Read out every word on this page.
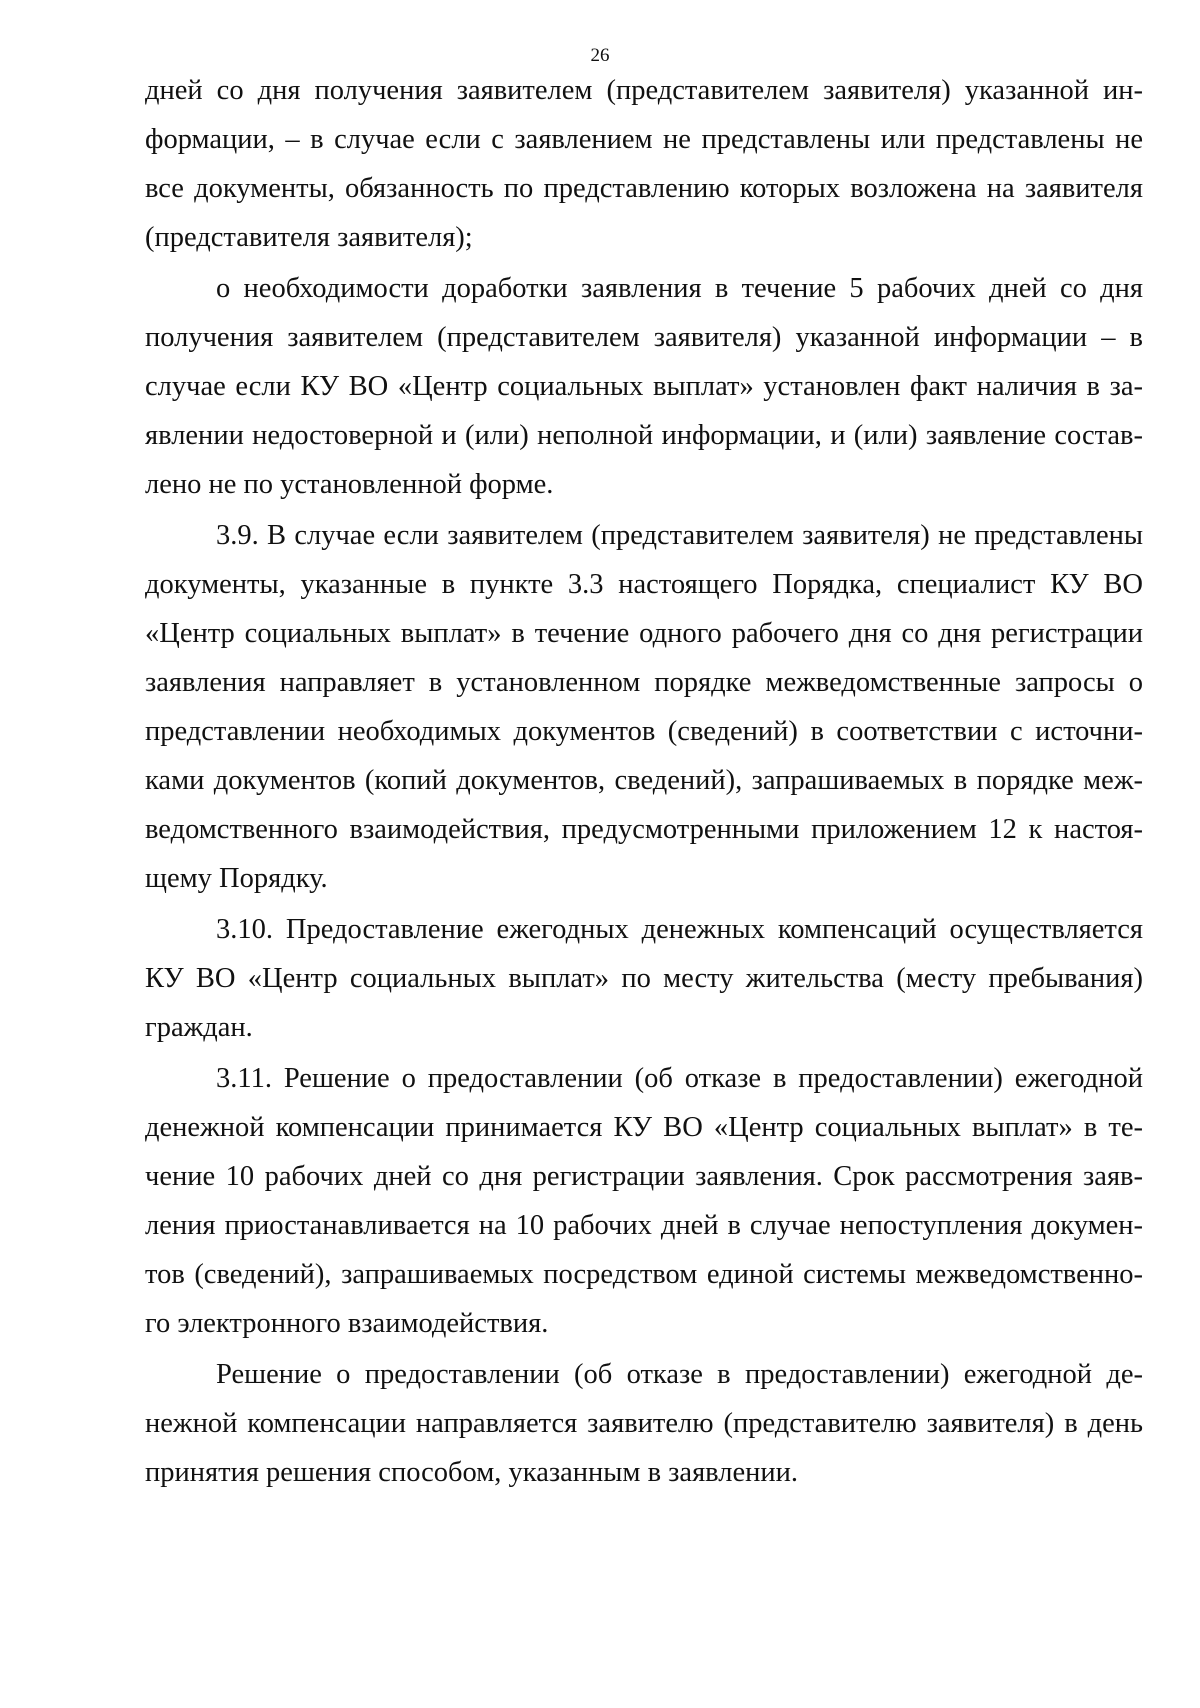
26
дней со дня получения заявителем (представителем заявителя) указанной ин-
формации, – в случае если с заявлением не представлены или представлены не
все документы, обязанность по представлению которых возложена на заявителя
(представителя заявителя);
о необходимости доработки заявления в течение 5 рабочих дней со дня
получения заявителем (представителем заявителя) указанной информации – в
случае если КУ ВО «Центр социальных выплат» установлен факт наличия в за-
явлении недостоверной и (или) неполной информации, и (или) заявление состав-
лено не по установленной форме.
3.9. В случае если заявителем (представителем заявителя) не представлены
документы, указанные в пункте 3.3 настоящего Порядка, специалист КУ ВО
«Центр социальных выплат» в течение одного рабочего дня со дня регистрации
заявления направляет в установленном порядке межведомственные запросы о
представлении необходимых документов (сведений) в соответствии с источни-
ками документов (копий документов, сведений), запрашиваемых в порядке меж-
ведомственного взаимодействия, предусмотренными приложением 12 к настоя-
щему Порядку.
3.10. Предоставление ежегодных денежных компенсаций осуществляется
КУ ВО «Центр социальных выплат» по месту жительства (месту пребывания)
граждан.
3.11. Решение о предоставлении (об отказе в предоставлении) ежегодной
денежной компенсации принимается КУ ВО «Центр социальных выплат» в те-
чение 10 рабочих дней со дня регистрации заявления. Срок рассмотрения заяв-
ления приостанавливается на 10 рабочих дней в случае непоступления докумен-
тов (сведений), запрашиваемых посредством единой системы межведомственно-
го электронного взаимодействия.
Решение о предоставлении (об отказе в предоставлении) ежегодной де-
нежной компенсации направляется заявителю (представителю заявителя) в день
принятия решения способом, указанным в заявлении.
